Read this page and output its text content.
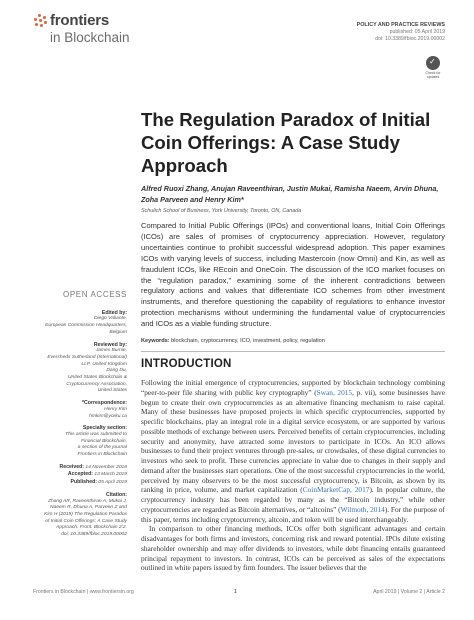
frontiers
in Blockchain
POLICY AND PRACTICE REVIEWS
published: 05 April 2019
doi: 10.3389/fbloc.2019.00002
✓
Check for updates
The Regulation Paradox of Initial Coin Offerings: A Case Study Approach
Alfred Ruoxi Zhang, Anujan Raveenthiran, Justin Mukai, Ramisha Naeem, Arvin Dhuna, Zoha Parveen and Henry Kim*
Schulich School of Business, York University, Toronto, ON, Canada
Compared to Initial Public Offerings (IPOs) and conventional loans, Initial Coin Offerings (ICOs) are sales of promises of cryptocurrency appreciation. However, regulatory uncertainties continue to prohibit successful widespread adoption. This paper examines ICOs with varying levels of success, including Mastercoin (now Omni) and Kin, as well as fraudulent ICOs, like REcoin and OneCoin. The discussion of the ICO market focuses on the “regulation paradox,” examining some of the inherent contradictions between regulatory actions and values that differentiate ICO schemes from other investment instruments, and therefore questioning the capability of regulations to enhance investor protection mechanisms without undermining the fundamental value of cryptocurrencies and ICOs as a viable funding structure.
Keywords: blockchain, cryptocurrency, ICO, investment, policy, regulation
INTRODUCTION

Following the initial emergence of cryptocurrencies, supported by blockchain technology combining “peer-to-peer file sharing with public key cryptography” (Swan, 2015, p. vii), some businesses have begun to create their own cryptocurrencies as an alternative financing mechanism to raise capital. Many of these businesses have proposed projects in which specific cryptocurrencies, supported by specific blockchains, play an integral role in a digital service ecosystem, or are supported by various possible methods of exchange between users. Perceived benefits of certain cryptocurrencies, including security and anonymity, have attracted some investors to participate in ICOs. An ICO allows businesses to fund their project ventures through pre-sales, or crowdsales, of these digital currencies to investors who seek to profit. These currencies appreciate in value due to changes in their supply and demand after the businesses start operations. One of the most successful cryptocurrencies in the world, perceived by many observers to be the most successful cryptocurrency, is Bitcoin, as shown by its ranking in price, volume, and market capitalization (CoinMarketCap, 2017). In popular culture, the cryptocurrency industry has been regarded by many as the “Bitcoin industry,” while other cryptocurrencies are regarded as Bitcoin alternatives, or “altcoins” (Wilmoth, 2014). For the purpose of this paper, terms including cryptocurrency, altcoin, and token will be used interchangeably.

In comparison to other financing methods, ICOs offer both significant advantages and certain disadvantages for both firms and investors, concerning risk and reward potential. IPOs dilute existing shareholder ownership and may offer dividends to investors, while debt financing entails guaranteed principal repayment to investors. In contrast, ICOs can be perceived as sales of the expectations outlined in white papers issued by firm founders. The issuer believes that the

OPEN ACCESS
Edited by:
Diego Valiante,
European Commission Headquarters,
Belgium
Reviewed by:
James Burnie,
Eversheds Sutherland (International)
LLP, United Kingdom
Dang Du,
United States Blockchain &
Cryptocurrency Association,
United States
*Correspondence:
Henry Kim
hmkim@yorku.ca
Specialty section:
This article was submitted to
Financial Blockchain,
a section of the journal
Frontiers in Blockchain
Received: 14 November 2018
Accepted: 13 March 2019
Published: 05 April 2019
Citation:
Zhang AR, Raveenthiran A, Mukai J,
Naeem R, Dhuna A, Parveen Z and
Kim H (2019) The Regulation Paradox
of Initial Coin Offerings: A Case Study
Approach. Front. Blockchain 2:2.
doi: 10.3389/fbloc.2019.00002
Frontiers in Blockchain | www.frontiersin.org	1	April 2019 | Volume 2 | Article 2
